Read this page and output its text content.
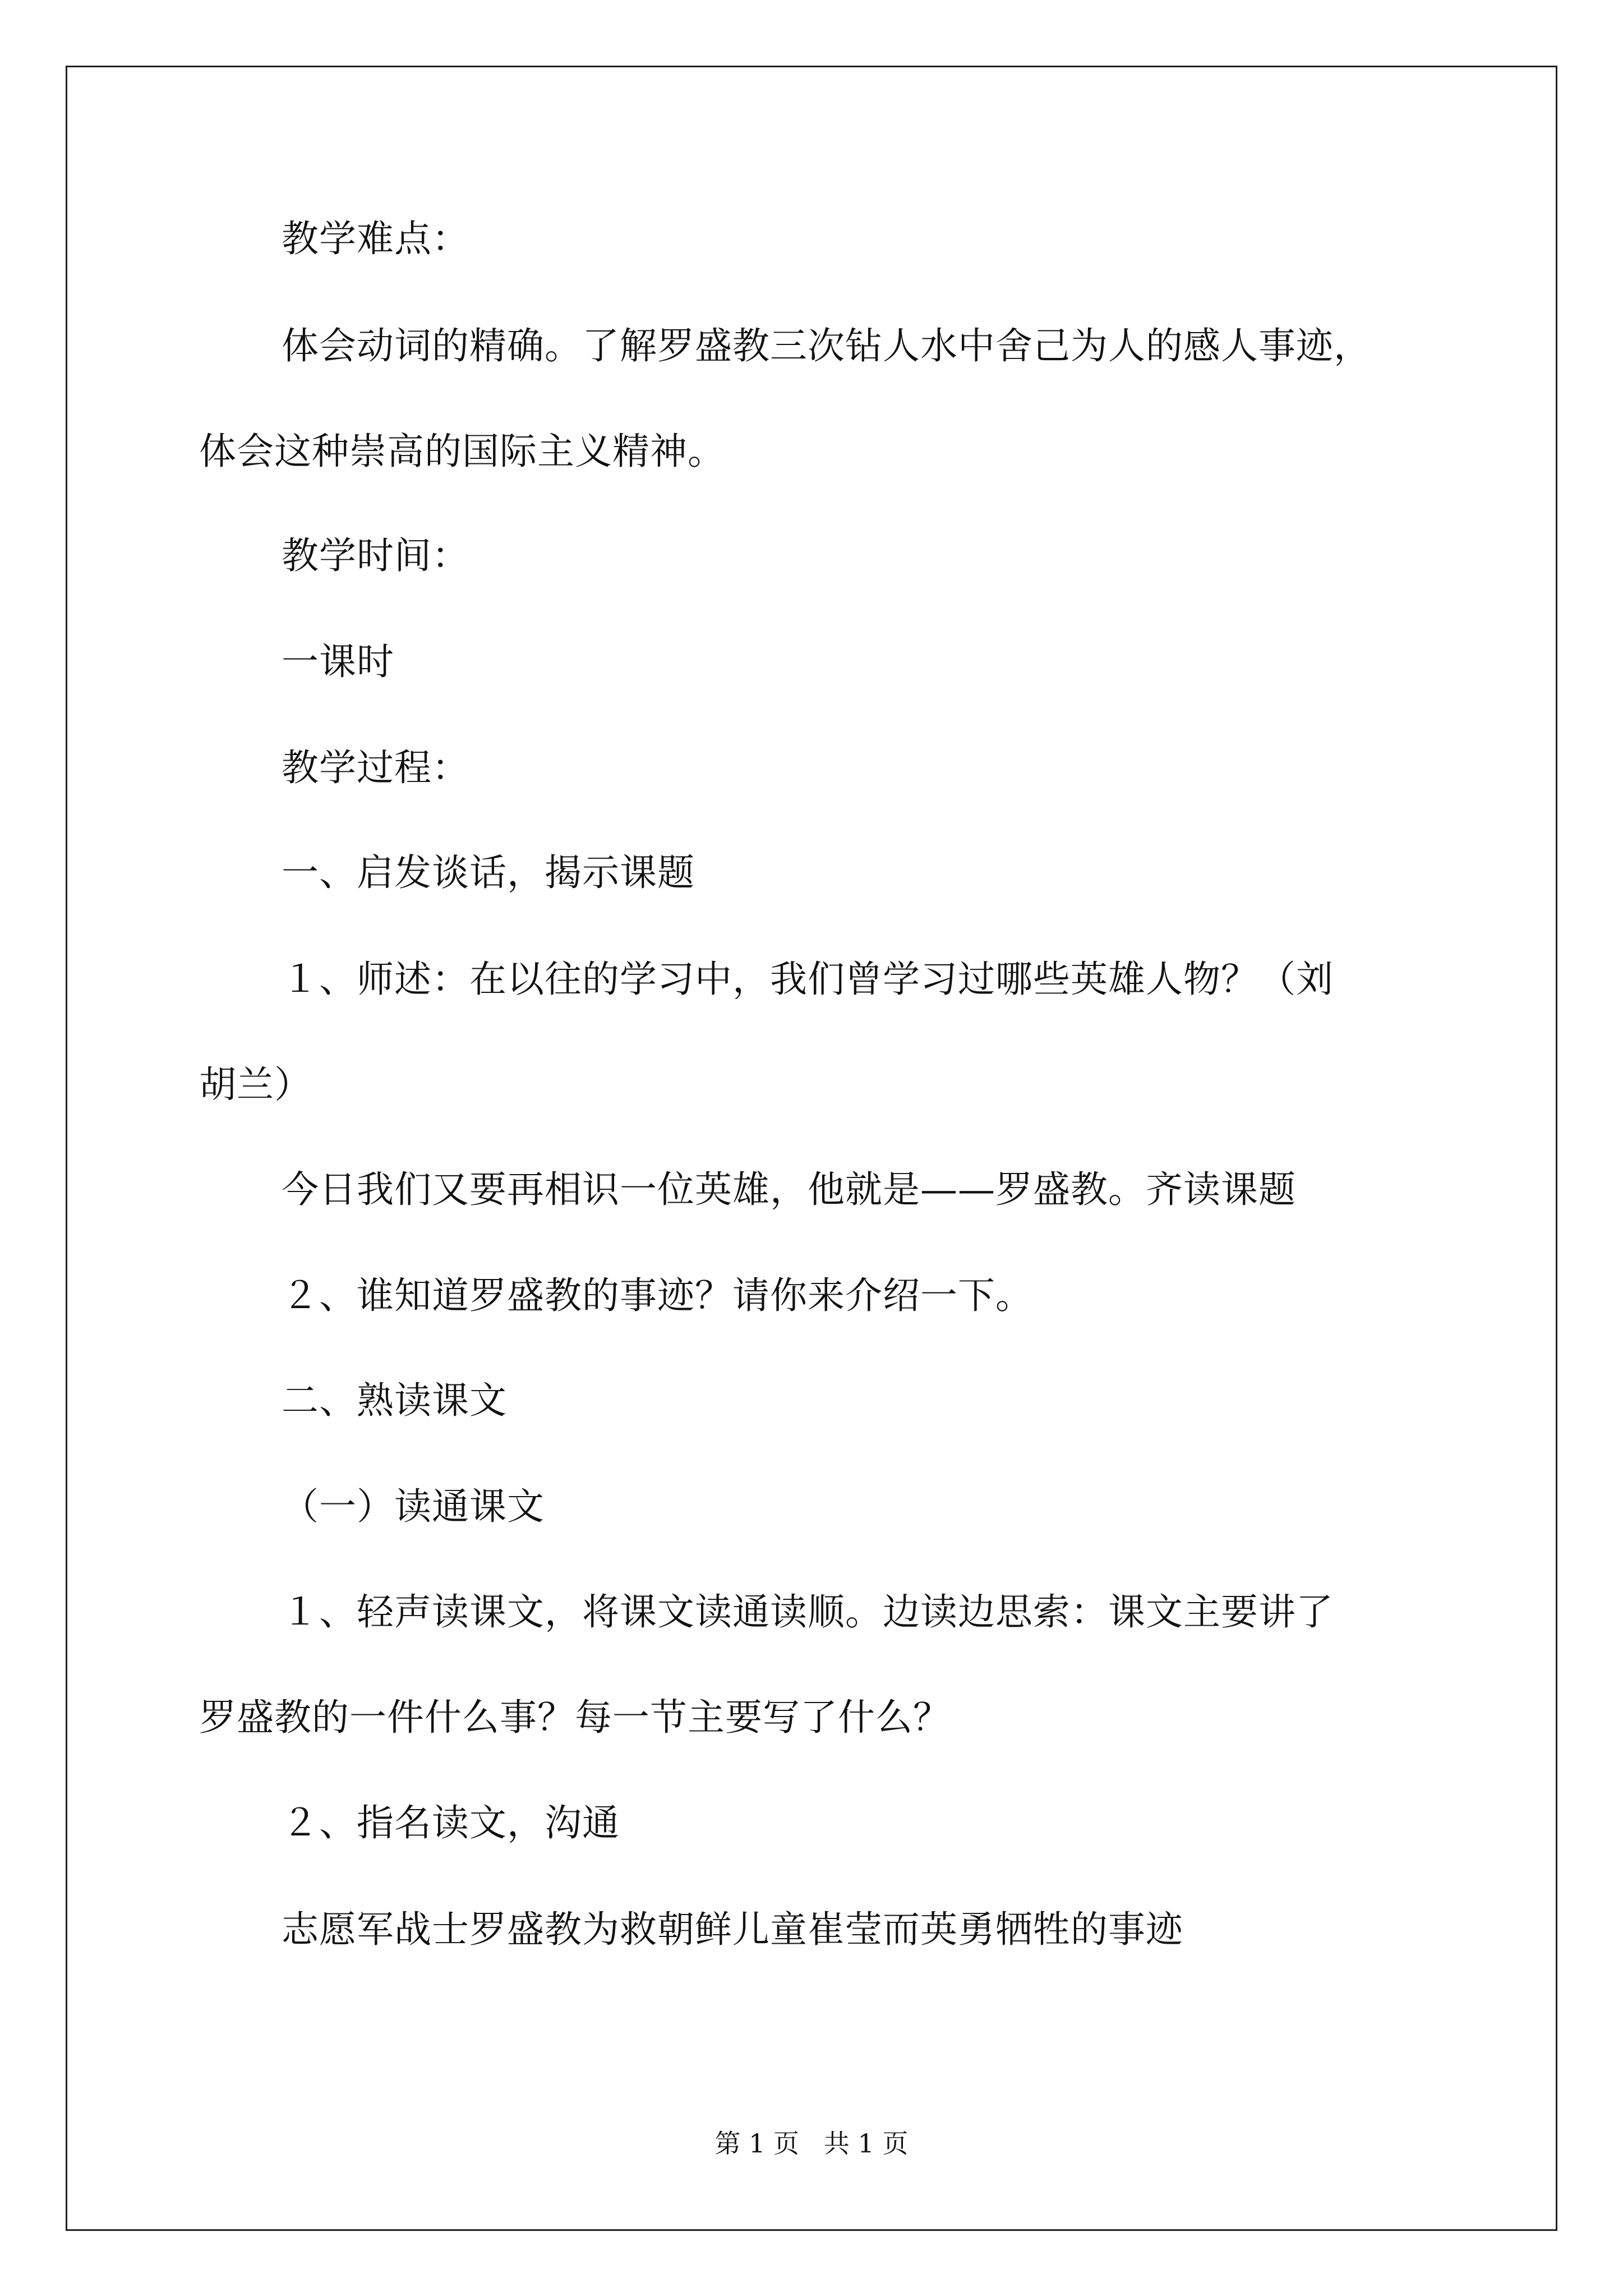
教学难点：

体会动词的精确。了解罗盛教三次钻人水中舍己为人的感人事迹，

体会这种崇高的国际主义精神。

教学时间：

一课时

教学过程：

一、启发谈话，揭示课题

１、师述：在以往的学习中，我们曾学习过哪些英雄人物？（刘

胡兰）

今日我们又要再相识一位英雄，他就是——罗盛教。齐读课题

２、谁知道罗盛教的事迹？请你来介绍一下。

二、熟读课文

（一）读通课文

１、轻声读课文，将课文读通读顺。边读边思索：课文主要讲了

罗盛教的一件什么事？每一节主要写了什么？

２、指名读文，沟通

志愿军战士罗盛教为救朝鲜儿童崔莹而英勇牺牲的事迹

第 1 页   共 1 页
